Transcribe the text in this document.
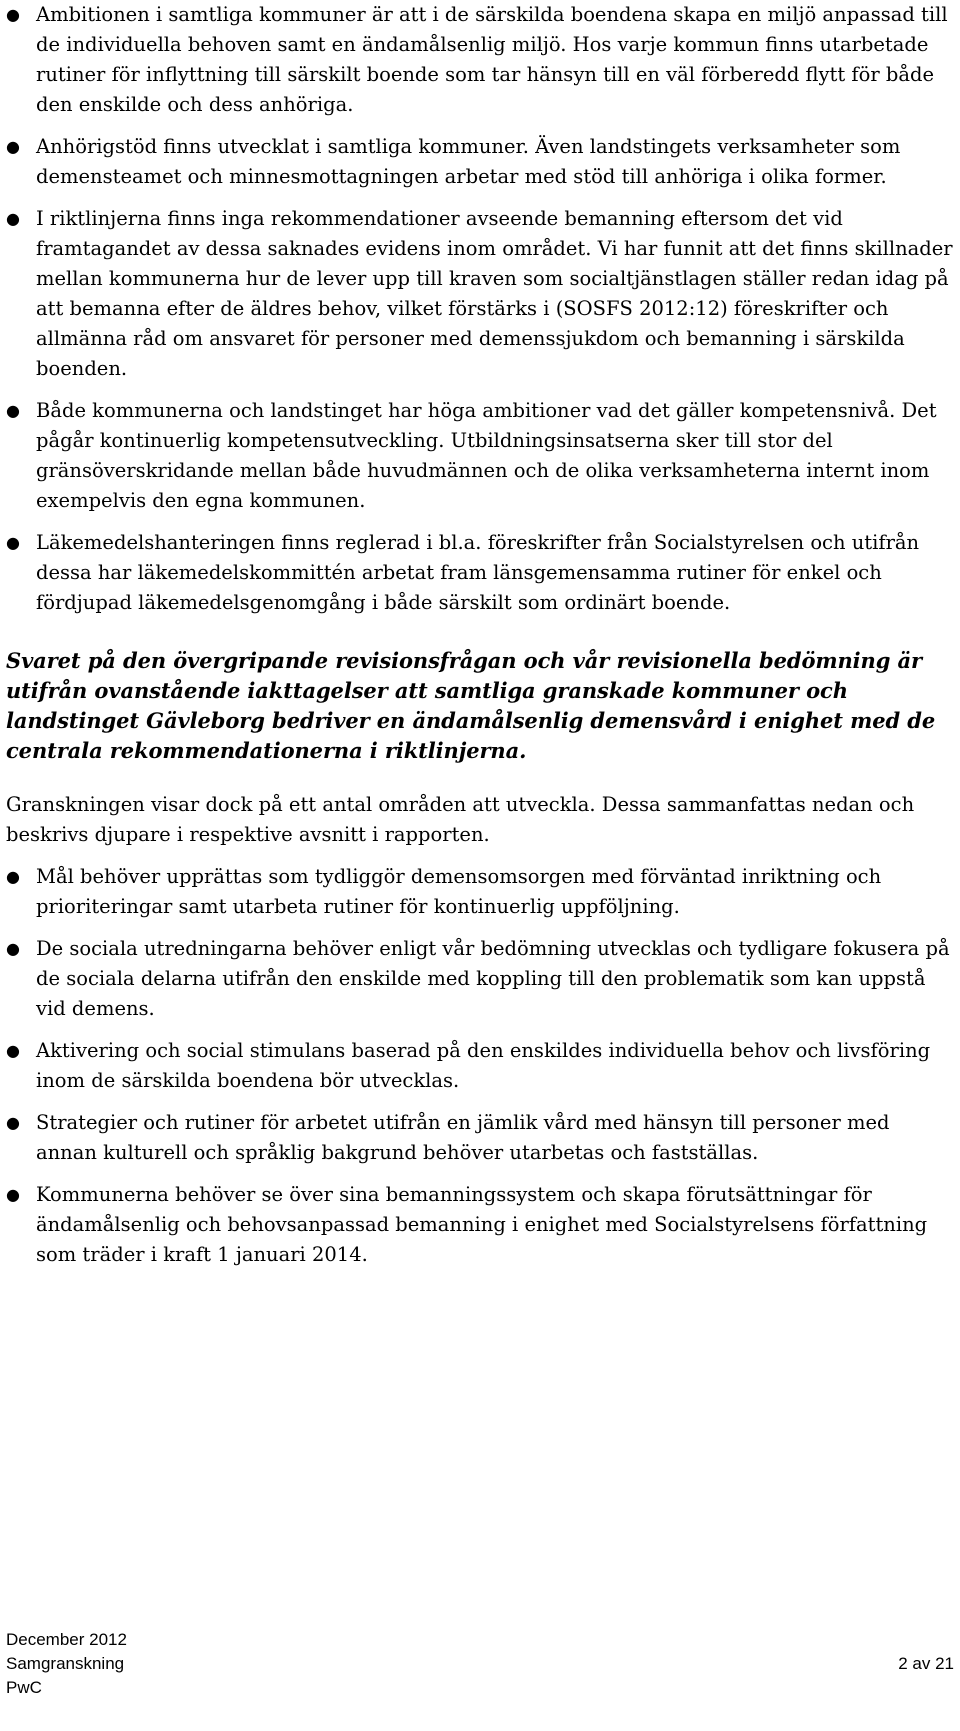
● Ambitionen i samtliga kommuner är att i de särskilda boendena skapa en miljö anpassad till de individuella behoven samt en ändamålsenlig miljö. Hos varje kommun finns utarbetade rutiner för inflyttning till särskilt boende som tar hänsyn till en väl förberedd flytt för både den enskilde och dess anhöriga.
● Anhörigstöd finns utvecklat i samtliga kommuner. Även landstingets verksamheter som demensteamet och minnesmottagningen arbetar med stöd till anhöriga i olika former.
● I riktlinjerna finns inga rekommendationer avseende bemanning eftersom det vid framtagandet av dessa saknades evidens inom området. Vi har funnit att det finns skillnader mellan kommunerna hur de lever upp till kraven som socialtjänstlagen ställer redan idag på att bemanna efter de äldres behov, vilket förstärks i (SOSFS 2012:12) föreskrifter och allmänna råd om ansvaret för personer med demenssjukdom och bemanning i särskilda boenden.
● Både kommunerna och landstinget har höga ambitioner vad det gäller kompetensnivå. Det pågår kontinuerlig kompetensutveckling. Utbildningsinsatserna sker till stor del gränsöverskridande mellan både huvudmännen och de olika verksamheterna internt inom exempelvis den egna kommunen.
● Läkemedelshanteringen finns reglerad i bl.a. föreskrifter från Socialstyrelsen och utifrån dessa har läkemedelskommittén arbetat fram länsgemensamma rutiner för enkel och fördjupad läkemedelsgenomgång i både särskilt som ordinärt boende.

Svaret på den övergripande revisionsfrågan och vår revisionella bedömning är utifrån ovanstående iakttagelser att samtliga granskade kommuner och landstinget Gävleborg bedriver en ändamålsenlig demensvård i enighet med de centrala rekommendationerna i riktlinjerna.

Granskningen visar dock på ett antal områden att utveckla. Dessa sammanfattas nedan och beskrivs djupare i respektive avsnitt i rapporten.

● Mål behöver upprättas som tydliggör demensomsorgen med förväntad inriktning och prioriteringar samt utarbeta rutiner för kontinuerlig uppföljning.
● De sociala utredningarna behöver enligt vår bedömning utvecklas och tydligare fokusera på de sociala delarna utifrån den enskilde med koppling till den problematik som kan uppstå vid demens.
● Aktivering och social stimulans baserad på den enskildes individuella behov och livsföring inom de särskilda boendena bör utvecklas.
● Strategier och rutiner för arbetet utifrån en jämlik vård med hänsyn till personer med annan kulturell och språklig bakgrund behöver utarbetas och fastställas.
● Kommunerna behöver se över sina bemanningssystem och skapa förutsättningar för ändamålsenlig och behovsanpassad bemanning i enighet med Socialstyrelsens författning som träder i kraft 1 januari 2014.
December 2012
Samgranskning	2 av 21
PwC
